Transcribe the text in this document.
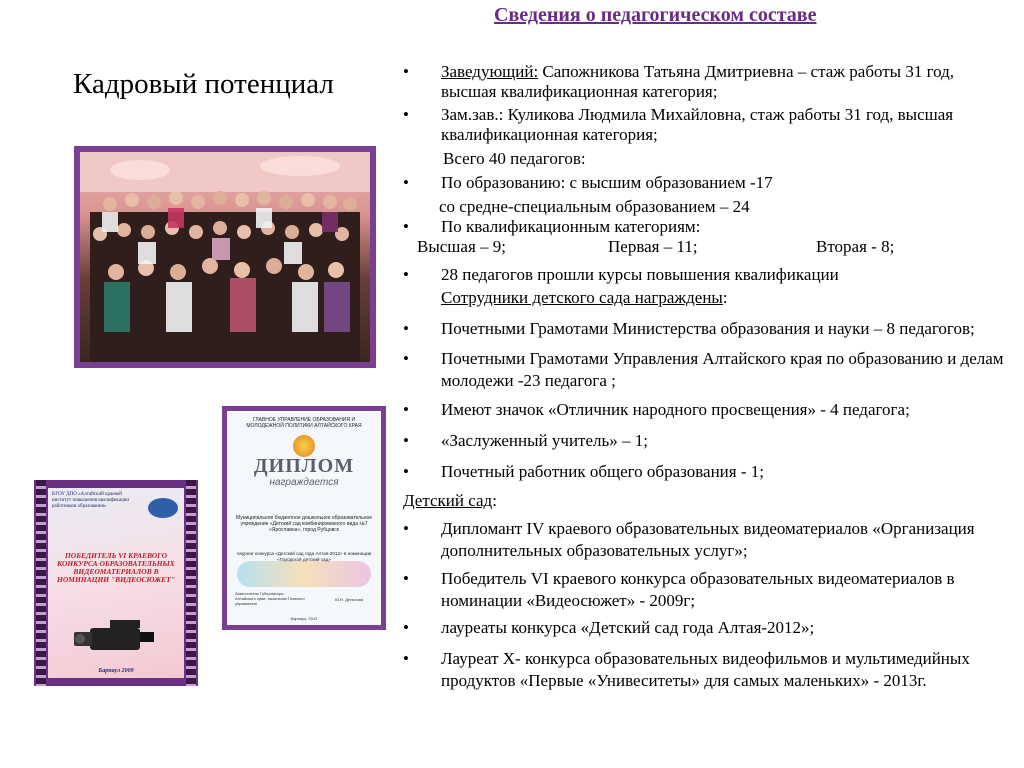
Сведения о педагогическом составе
Кадровый потенциал
ГЛАВНОЕ УПРАВЛЕНИЕ ОБРАЗОВАНИЯ И МОЛОДЕЖНОЙ ПОЛИТИКИ АЛТАЙСКОГО КРАЯ
ДИПЛОМ
награждается
Муниципальное бюджетное дошкольное образовательное учреждение «Детский сад комбинированного вида №7 «Ярославна», город Рубцовск
лауреат конкурса «Детский сад года Алтая-2012» в номинации «Городской детский сад»
Заместитель Губернатора Алтайского края, начальник Главного управления
Ю.Н. Денисова
Барнаул, 2012
КГОУ ДПО «Алтайский краевой институт повышения квалификации работников образования»
ПОБЕДИТЕЛЬ VI КРАЕВОГО КОНКУРСА ОБРАЗОВАТЕЛЬНЫХ ВИДЕОМАТЕРИАЛОВ В НОМИНАЦИИ "ВИДЕОСЮЖЕТ"
Барнаул 2009
• Заведующий: Сапожникова Татьяна Дмитриевна – стаж работы 31 год, высшая квалификационная категория;
• Зам.зав.: Куликова Людмила Михайловна, стаж работы 31 год, высшая квалификационная категория;
Всего 40 педагогов:
• По образованию: с высшим образованием -17
со средне-специальным образованием – 24
• По квалификационным категориям:
Высшая – 9;	Первая – 11;	Вторая - 8;
• 28 педагогов прошли курсы повышения квалификации
Сотрудники детского сада награждены:
• Почетными Грамотами Министерства образования и науки – 8 педагогов;
• Почетными Грамотами Управления Алтайского края по образованию и делам молодежи -23 педагога ;
• Имеют значок «Отличник народного просвещения» - 4 педагога;
• «Заслуженный учитель» – 1;
• Почетный работник общего образования - 1;
Детский сад:
• Дипломант IV краевого образовательных видеоматериалов «Организация дополнительных образовательных услуг»;
• Победитель VI краевого конкурса образовательных видеоматериалов в номинации «Видеосюжет» - 2009г;
• лауреаты конкурса «Детский сад года Алтая-2012»;
• Лауреат X- конкурса образовательных видеофильмов и мультимедийных продуктов «Первые «Унивеситеты» для самых маленьких» - 2013г.
